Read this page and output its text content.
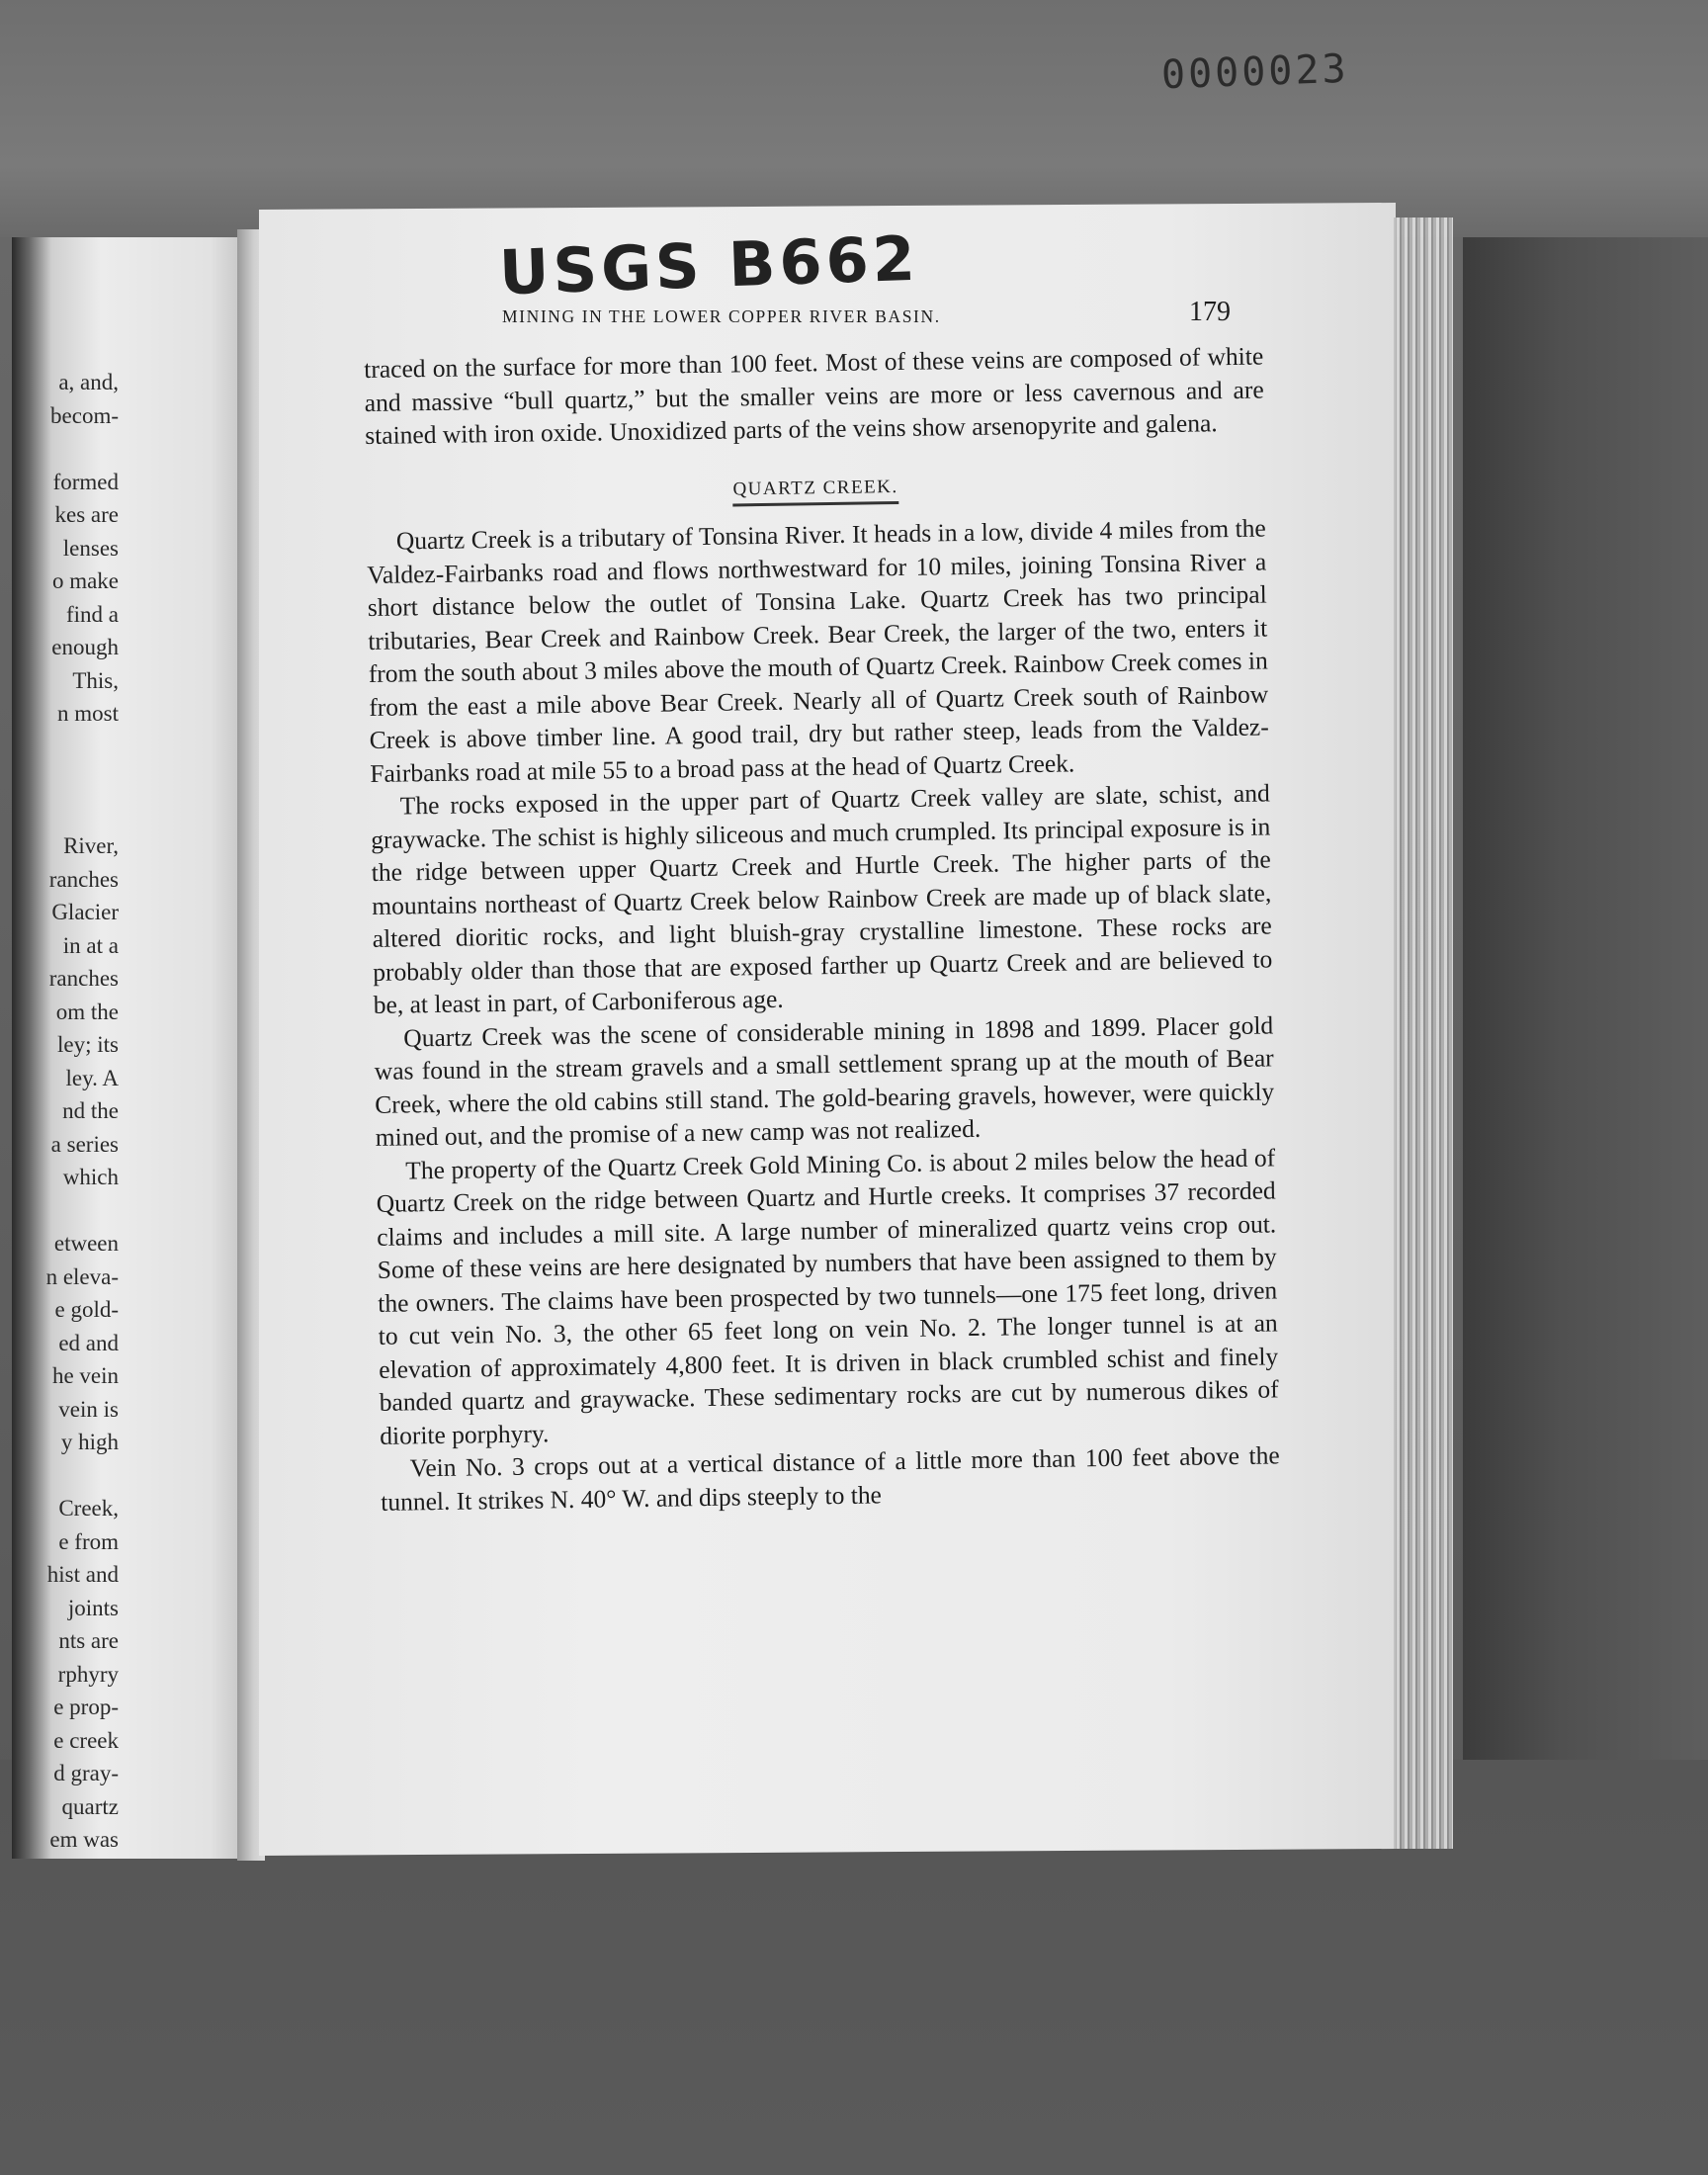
0000023
a, and,
becom-
formed
kes are
lenses
o make
find a
enough
This,
n most
River,
ranches
Glacier
in at a
ranches
om the
ley; its
ley. A
nd the
a series
which
etween
n eleva-
e gold-
ed and
he vein
vein is
y high
Creek,
e from
hist and
joints
nts are
rphyry
e prop-
e creek
d gray-
quartz
em was
USGS B662
MINING IN THE LOWER COPPER RIVER BASIN.	179

traced on the surface for more than 100 feet. Most of these veins are composed of white and massive “bull quartz,” but the smaller veins are more or less cavernous and are stained with iron oxide. Unoxidized parts of the veins show arsenopyrite and galena.

QUARTZ CREEK.

Quartz Creek is a tributary of Tonsina River. It heads in a low, divide 4 miles from the Valdez-Fairbanks road and flows northwestward for 10 miles, joining Tonsina River a short distance below the outlet of Tonsina Lake. Quartz Creek has two principal tributaries, Bear Creek and Rainbow Creek. Bear Creek, the larger of the two, enters it from the south about 3 miles above the mouth of Quartz Creek. Rainbow Creek comes in from the east a mile above Bear Creek. Nearly all of Quartz Creek south of Rainbow Creek is above timber line. A good trail, dry but rather steep, leads from the Valdez-Fairbanks road at mile 55 to a broad pass at the head of Quartz Creek.

The rocks exposed in the upper part of Quartz Creek valley are slate, schist, and graywacke. The schist is highly siliceous and much crumpled. Its principal exposure is in the ridge between upper Quartz Creek and Hurtle Creek. The higher parts of the mountains northeast of Quartz Creek below Rainbow Creek are made up of black slate, altered dioritic rocks, and light bluish-gray crystalline limestone. These rocks are probably older than those that are exposed farther up Quartz Creek and are believed to be, at least in part, of Carboniferous age.

Quartz Creek was the scene of considerable mining in 1898 and 1899. Placer gold was found in the stream gravels and a small settlement sprang up at the mouth of Bear Creek, where the old cabins still stand. The gold-bearing gravels, however, were quickly mined out, and the promise of a new camp was not realized.

The property of the Quartz Creek Gold Mining Co. is about 2 miles below the head of Quartz Creek on the ridge between Quartz and Hurtle creeks. It comprises 37 recorded claims and includes a mill site. A large number of mineralized quartz veins crop out. Some of these veins are here designated by numbers that have been assigned to them by the owners. The claims have been prospected by two tunnels—one 175 feet long, driven to cut vein No. 3, the other 65 feet long on vein No. 2. The longer tunnel is at an elevation of approximately 4,800 feet. It is driven in black crumbled schist and finely banded quartz and graywacke. These sedimentary rocks are cut by numerous dikes of diorite porphyry.

Vein No. 3 crops out at a vertical distance of a little more than 100 feet above the tunnel. It strikes N. 40° W. and dips steeply to the
